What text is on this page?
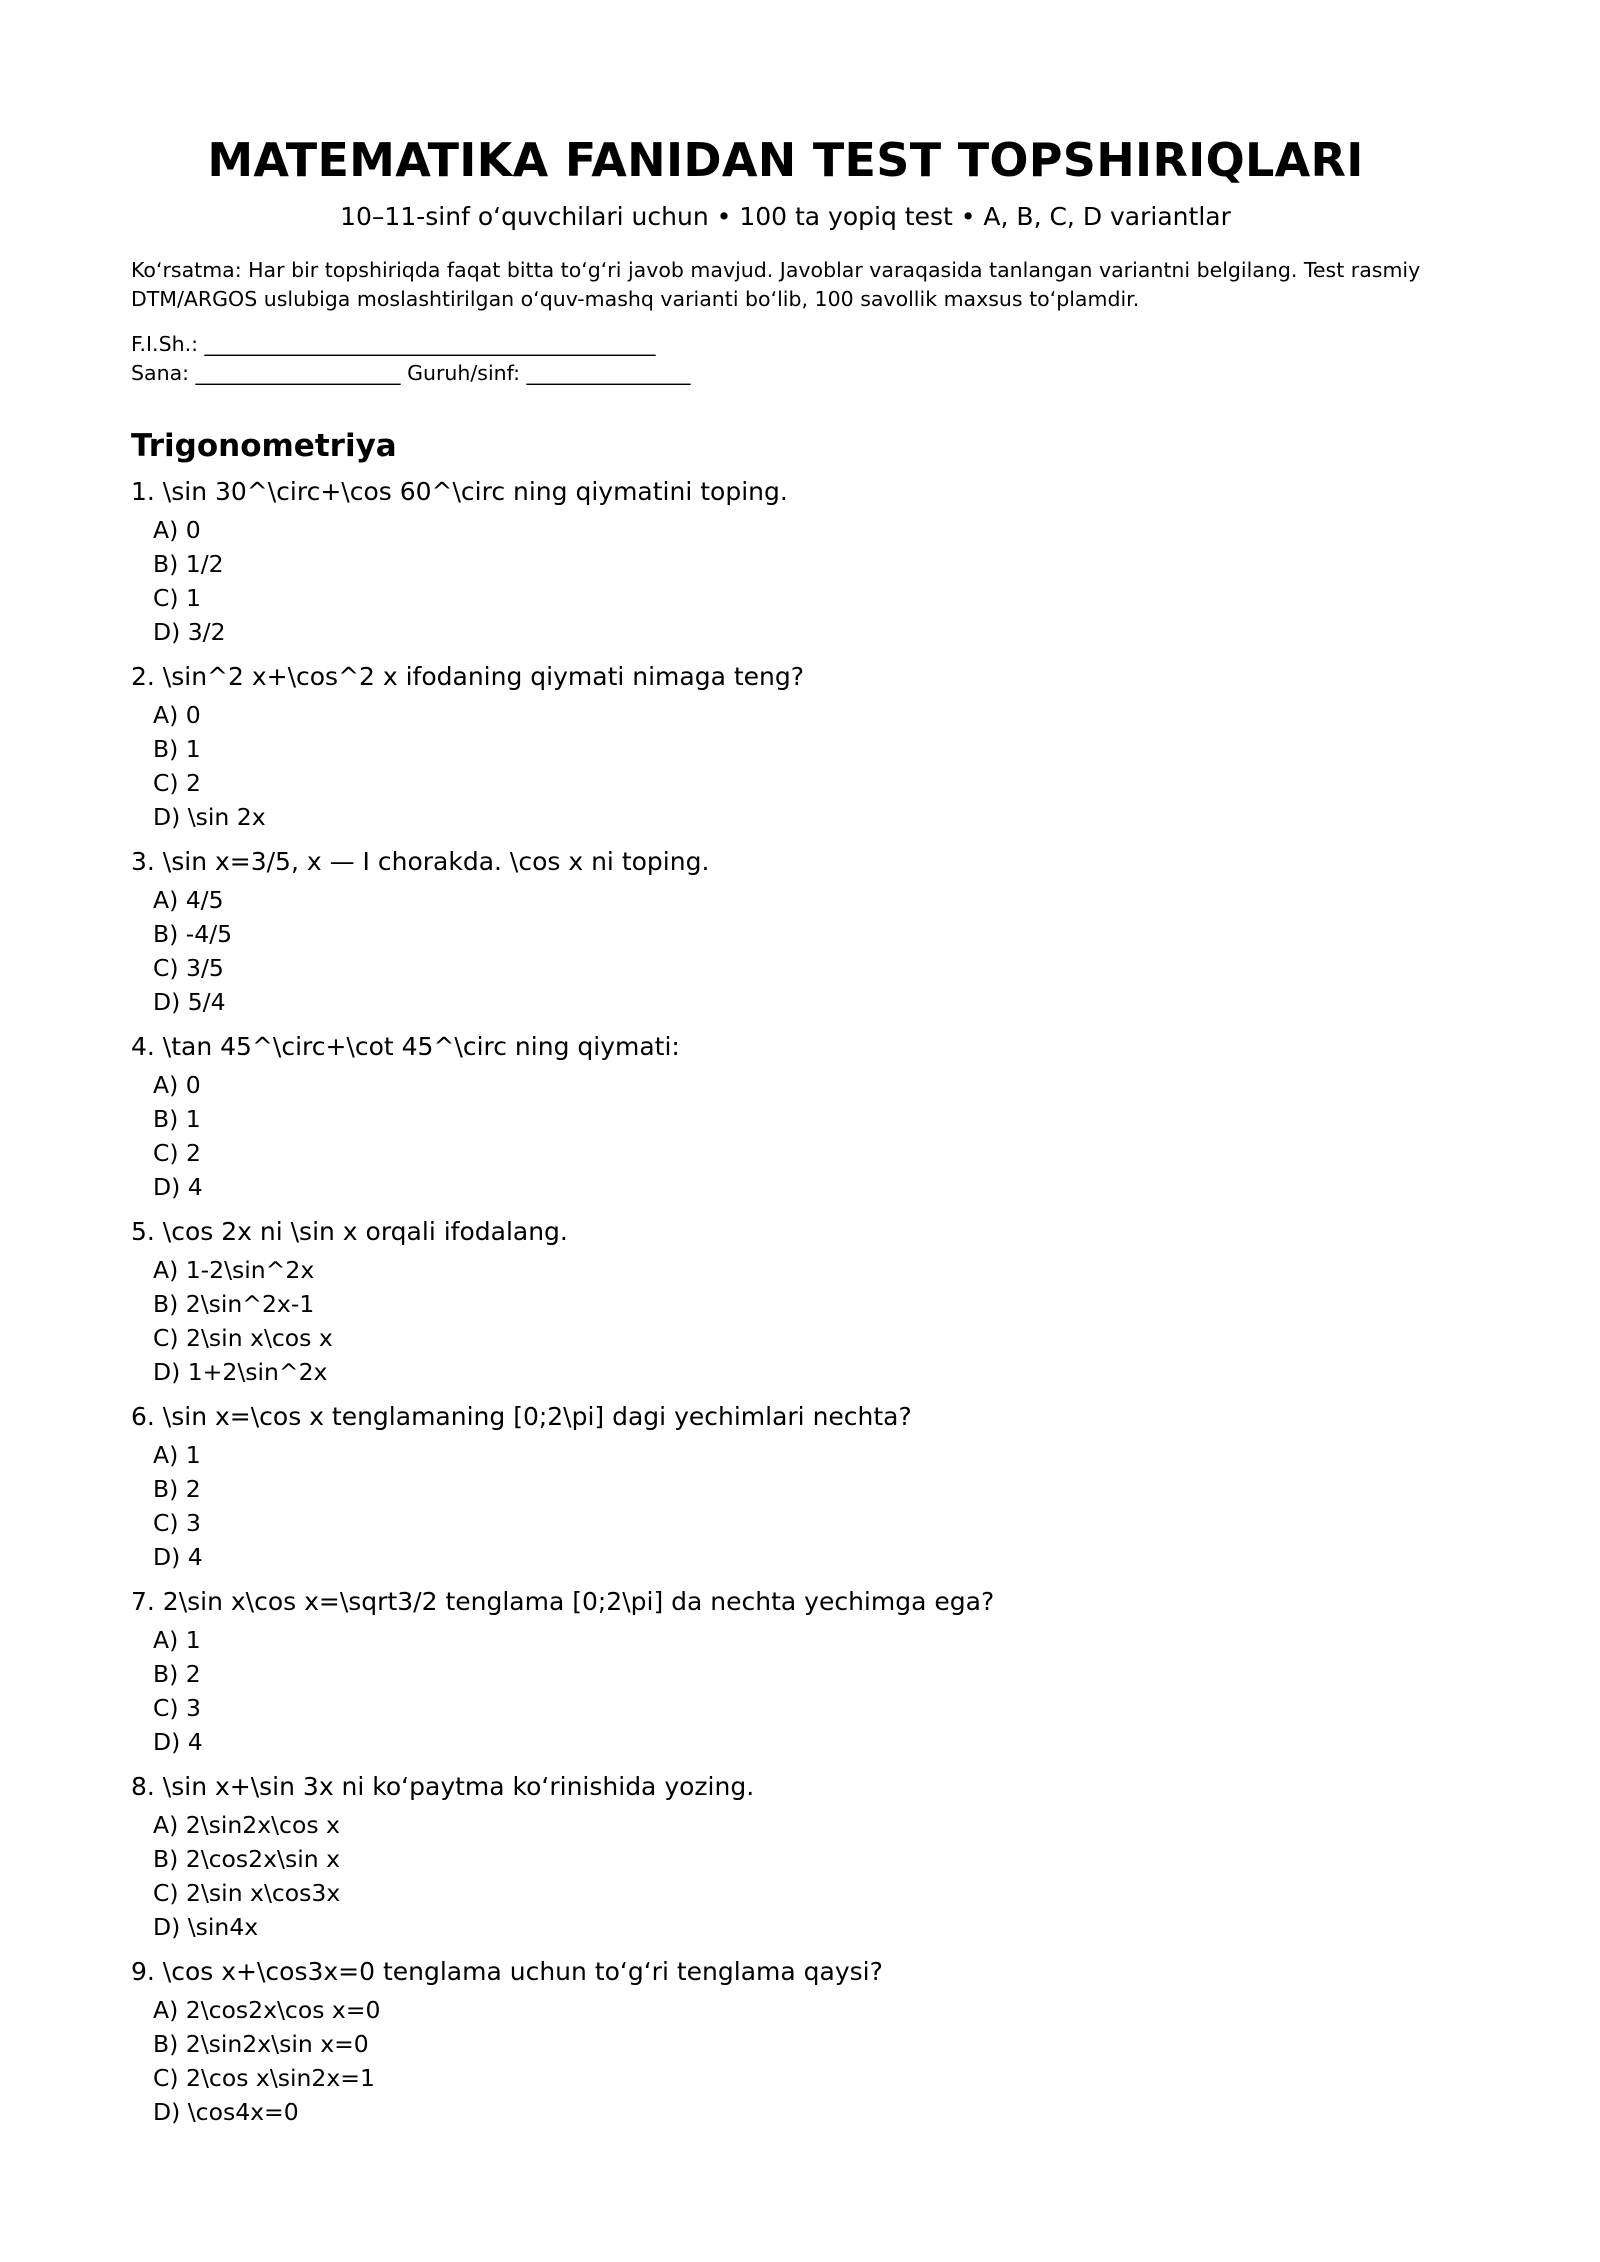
MATEMATIKA FANIDAN TEST TOPSHIRIQLARI
10–11-sinf oʻquvchilari uchun • 100 ta yopiq test • A, B, C, D variantlar
Koʻrsatma: Har bir topshiriqda faqat bitta toʻgʻri javob mavjud. Javoblar varaqasida tanlangan variantni belgilang. Test rasmiy DTM/ARGOS uslubiga moslashtirilgan oʻquv-mashq varianti boʻlib, 100 savollik maxsus toʻplamdir.
F.I.Sh.: ____________________________________________
Sana: ____________________ Guruh/sinf: ________________
Trigonometriya
1. \sin 30^\circ+\cos 60^\circ ning qiymatini toping.
A) 0
B) 1/2
C) 1
D) 3/2
2. \sin^2 x+\cos^2 x ifodaning qiymati nimaga teng?
A) 0
B) 1
C) 2
D) \sin 2x
3. \sin x=3/5, x — I chorakda. \cos x ni toping.
A) 4/5
B) -4/5
C) 3/5
D) 5/4
4. \tan 45^\circ+\cot 45^\circ ning qiymati:
A) 0
B) 1
C) 2
D) 4
5. \cos 2x ni \sin x orqali ifodalang.
A) 1-2\sin^2x
B) 2\sin^2x-1
C) 2\sin x\cos x
D) 1+2\sin^2x
6. \sin x=\cos x tenglamaning [0;2\pi] dagi yechimlari nechta?
A) 1
B) 2
C) 3
D) 4
7. 2\sin x\cos x=\sqrt3/2 tenglama [0;2\pi] da nechta yechimga ega?
A) 1
B) 2
C) 3
D) 4
8. \sin x+\sin 3x ni koʻpaytma koʻrinishida yozing.
A) 2\sin2x\cos x
B) 2\cos2x\sin x
C) 2\sin x\cos3x
D) \sin4x
9. \cos x+\cos3x=0 tenglama uchun toʻgʻri tenglama qaysi?
A) 2\cos2x\cos x=0
B) 2\sin2x\sin x=0
C) 2\cos x\sin2x=1
D) \cos4x=0
